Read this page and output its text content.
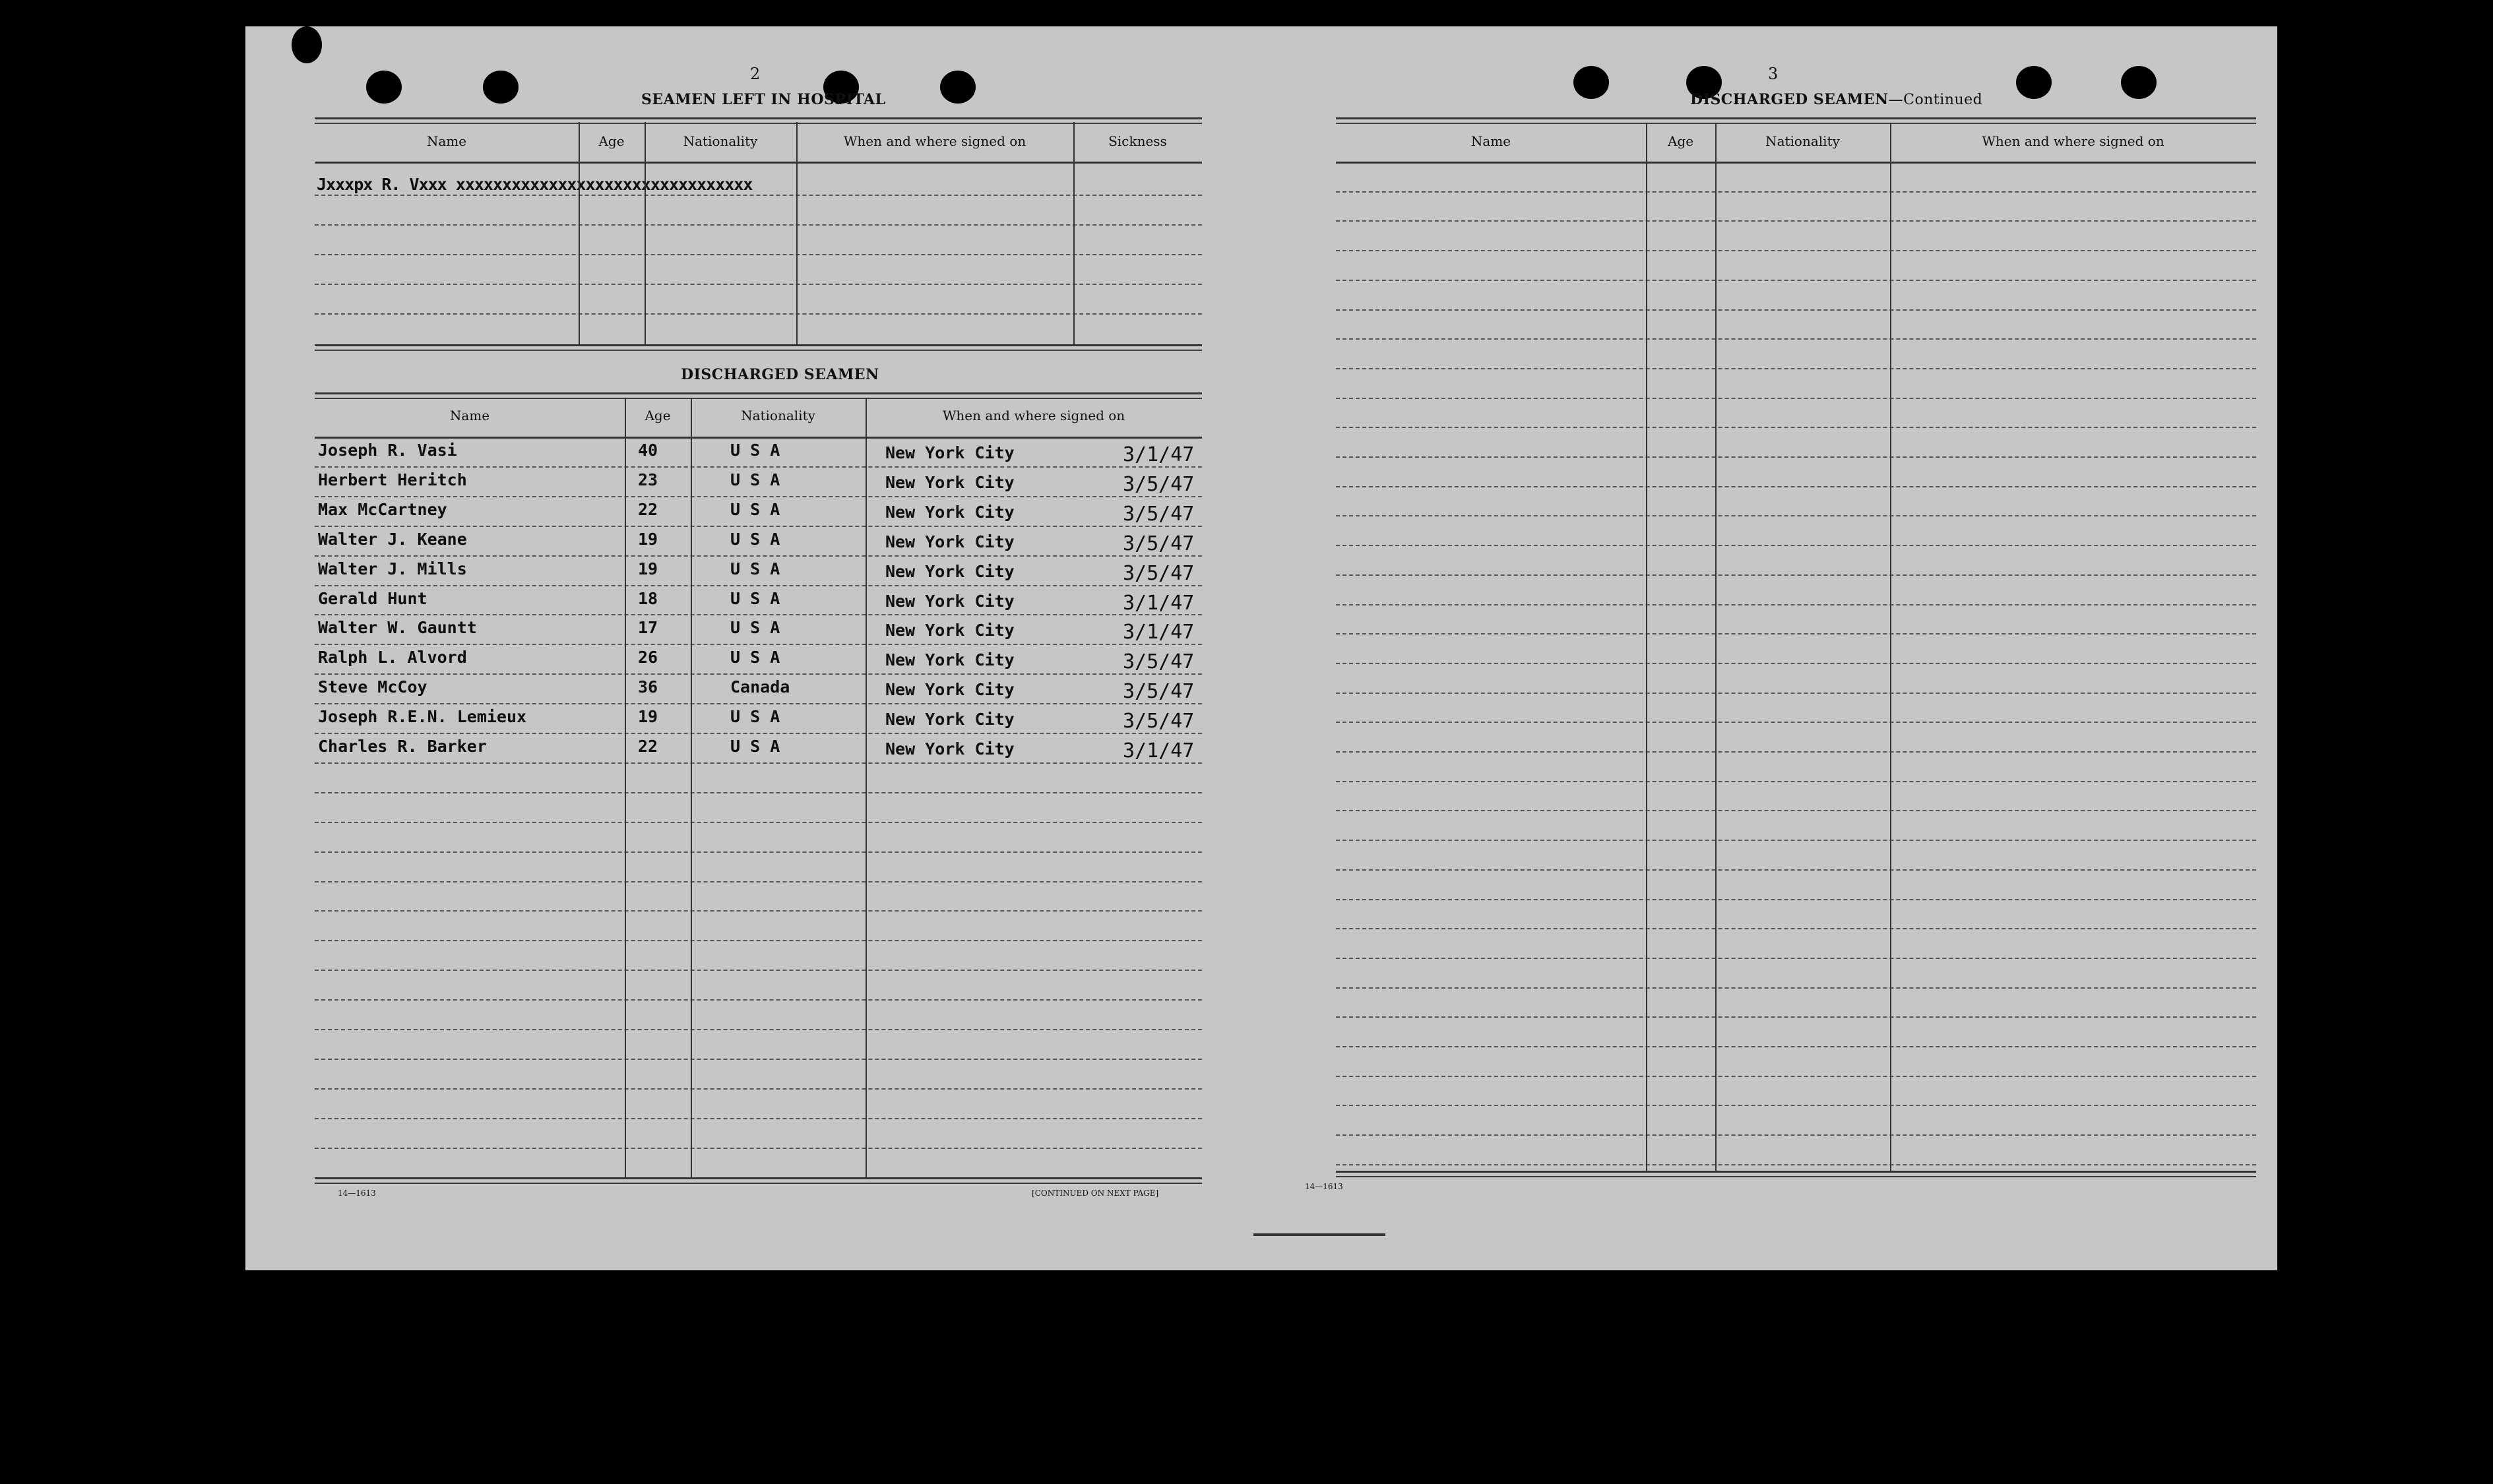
2
SEAMEN LEFT IN HOSPITAL
Name	Age	Nationality	When and where signed on	Sickness
Jxxxpx R. Vxxx xxxxxxxxxxxxxxxxxxxxxxxxxxxxxxxx
DISCHARGED SEAMEN
Name	Age	Nationality	When and where signed on
Joseph R. Vasi	40	U S A	New York City	3/1/47
Herbert Heritch	23	U S A	New York City	3/5/47
Max McCartney	22	U S A	New York City	3/5/47
Walter J. Keane	19	U S A	New York City	3/5/47
Walter J. Mills	19	U S A	New York City	3/5/47
Gerald Hunt	18	U S A	New York City	3/1/47
Walter W. Gauntt	17	U S A	New York City	3/1/47
Ralph L. Alvord	26	U S A	New York City	3/5/47
Steve McCoy	36	Canada	New York City	3/5/47
Joseph R.E.N. Lemieux	19	U S A	New York City	3/5/47
Charles R. Barker	22	U S A	New York City	3/1/47
14—1613	[CONTINUED ON NEXT PAGE]
3
DISCHARGED SEAMEN—Continued
Name	Age	Nationality	When and where signed on
14—1613
